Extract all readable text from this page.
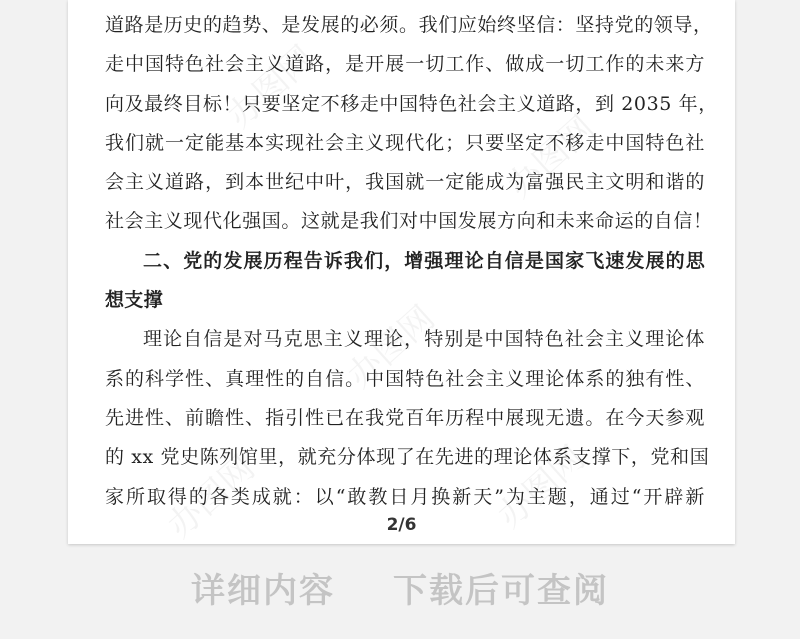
办图网
办图网
办图网
办图网
办图网
道路是历史的趋势、是发展的必须。我们应始终坚信：坚持党的领导，
走中国特色社会主义道路，是开展一切工作、做成一切工作的未来方
向及最终目标！只要坚定不移走中国特色社会主义道路，到 2035 年，
我们就一定能基本实现社会主义现代化；只要坚定不移走中国特色社
会主义道路，到本世纪中叶，我国就一定能成为富强民主文明和谐的
社会主义现代化强国。这就是我们对中国发展方向和未来命运的自信！
二、党的发展历程告诉我们，增强理论自信是国家飞速发展的思
想支撑
理论自信是对马克思主义理论，特别是中国特色社会主义理论体
系的科学性、真理性的自信。中国特色社会主义理论体系的独有性、
先进性、前瞻性、指引性已在我党百年历程中展现无遗。在今天参观
的 xx 党史陈列馆里，就充分体现了在先进的理论体系支撑下，党和国
家所取得的各类成就：以“敢教日月换新天”为主题，通过“开辟新
2/6
详细内容 下载后可查阅
